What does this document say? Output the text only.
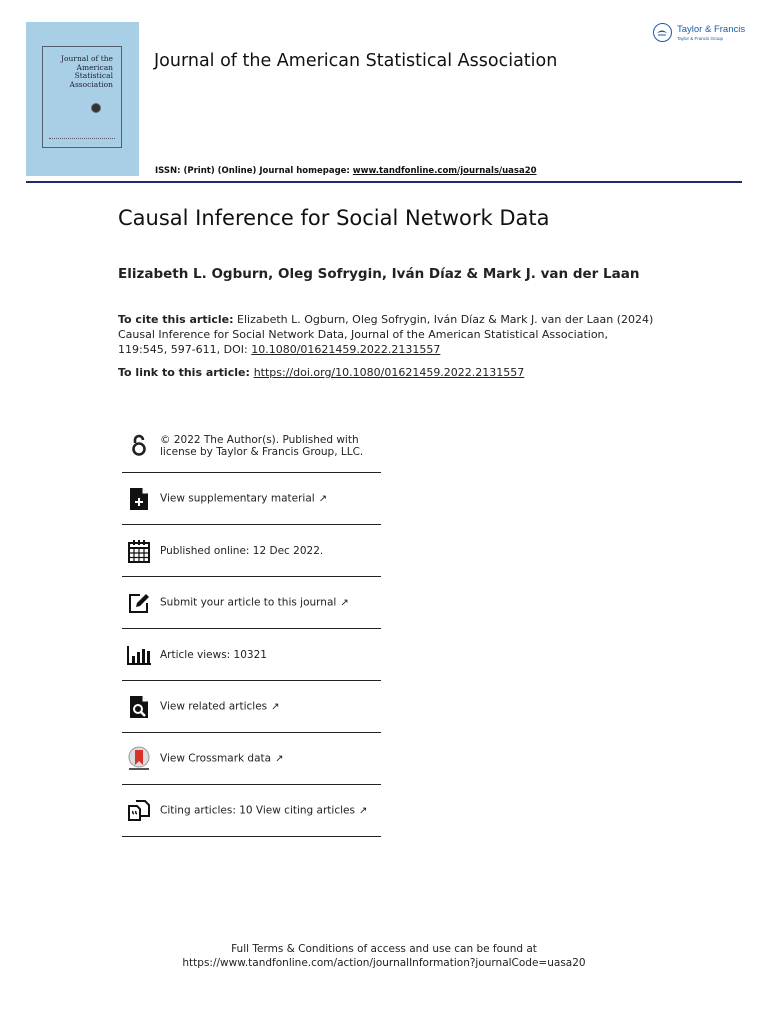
Journal of the
American
Statistical
Association
Journal of the American Statistical Association
Taylor & Francis
Taylor & Francis Group
ISSN: (Print) (Online) Journal homepage: www.tandfonline.com/journals/uasa20
Causal Inference for Social Network Data
Elizabeth L. Ogburn, Oleg Sofrygin, Iván Díaz & Mark J. van der Laan
To cite this article: Elizabeth L. Ogburn, Oleg Sofrygin, Iván Díaz & Mark J. van der Laan (2024)
Causal Inference for Social Network Data, Journal of the American Statistical Association,
119:545, 597-611, DOI: 10.1080/01621459.2022.2131557
To link to this article: https://doi.org/10.1080/01621459.2022.2131557
© 2022 The Author(s). Published with
license by Taylor & Francis Group, LLC.
View supplementary material ↗
Published online: 12 Dec 2022.
Submit your article to this journal ↗
Article views: 10321
View related articles ↗
View Crossmark data ↗
Citing articles: 10 View citing articles ↗
Full Terms & Conditions of access and use can be found at
https://www.tandfonline.com/action/journalInformation?journalCode=uasa20
